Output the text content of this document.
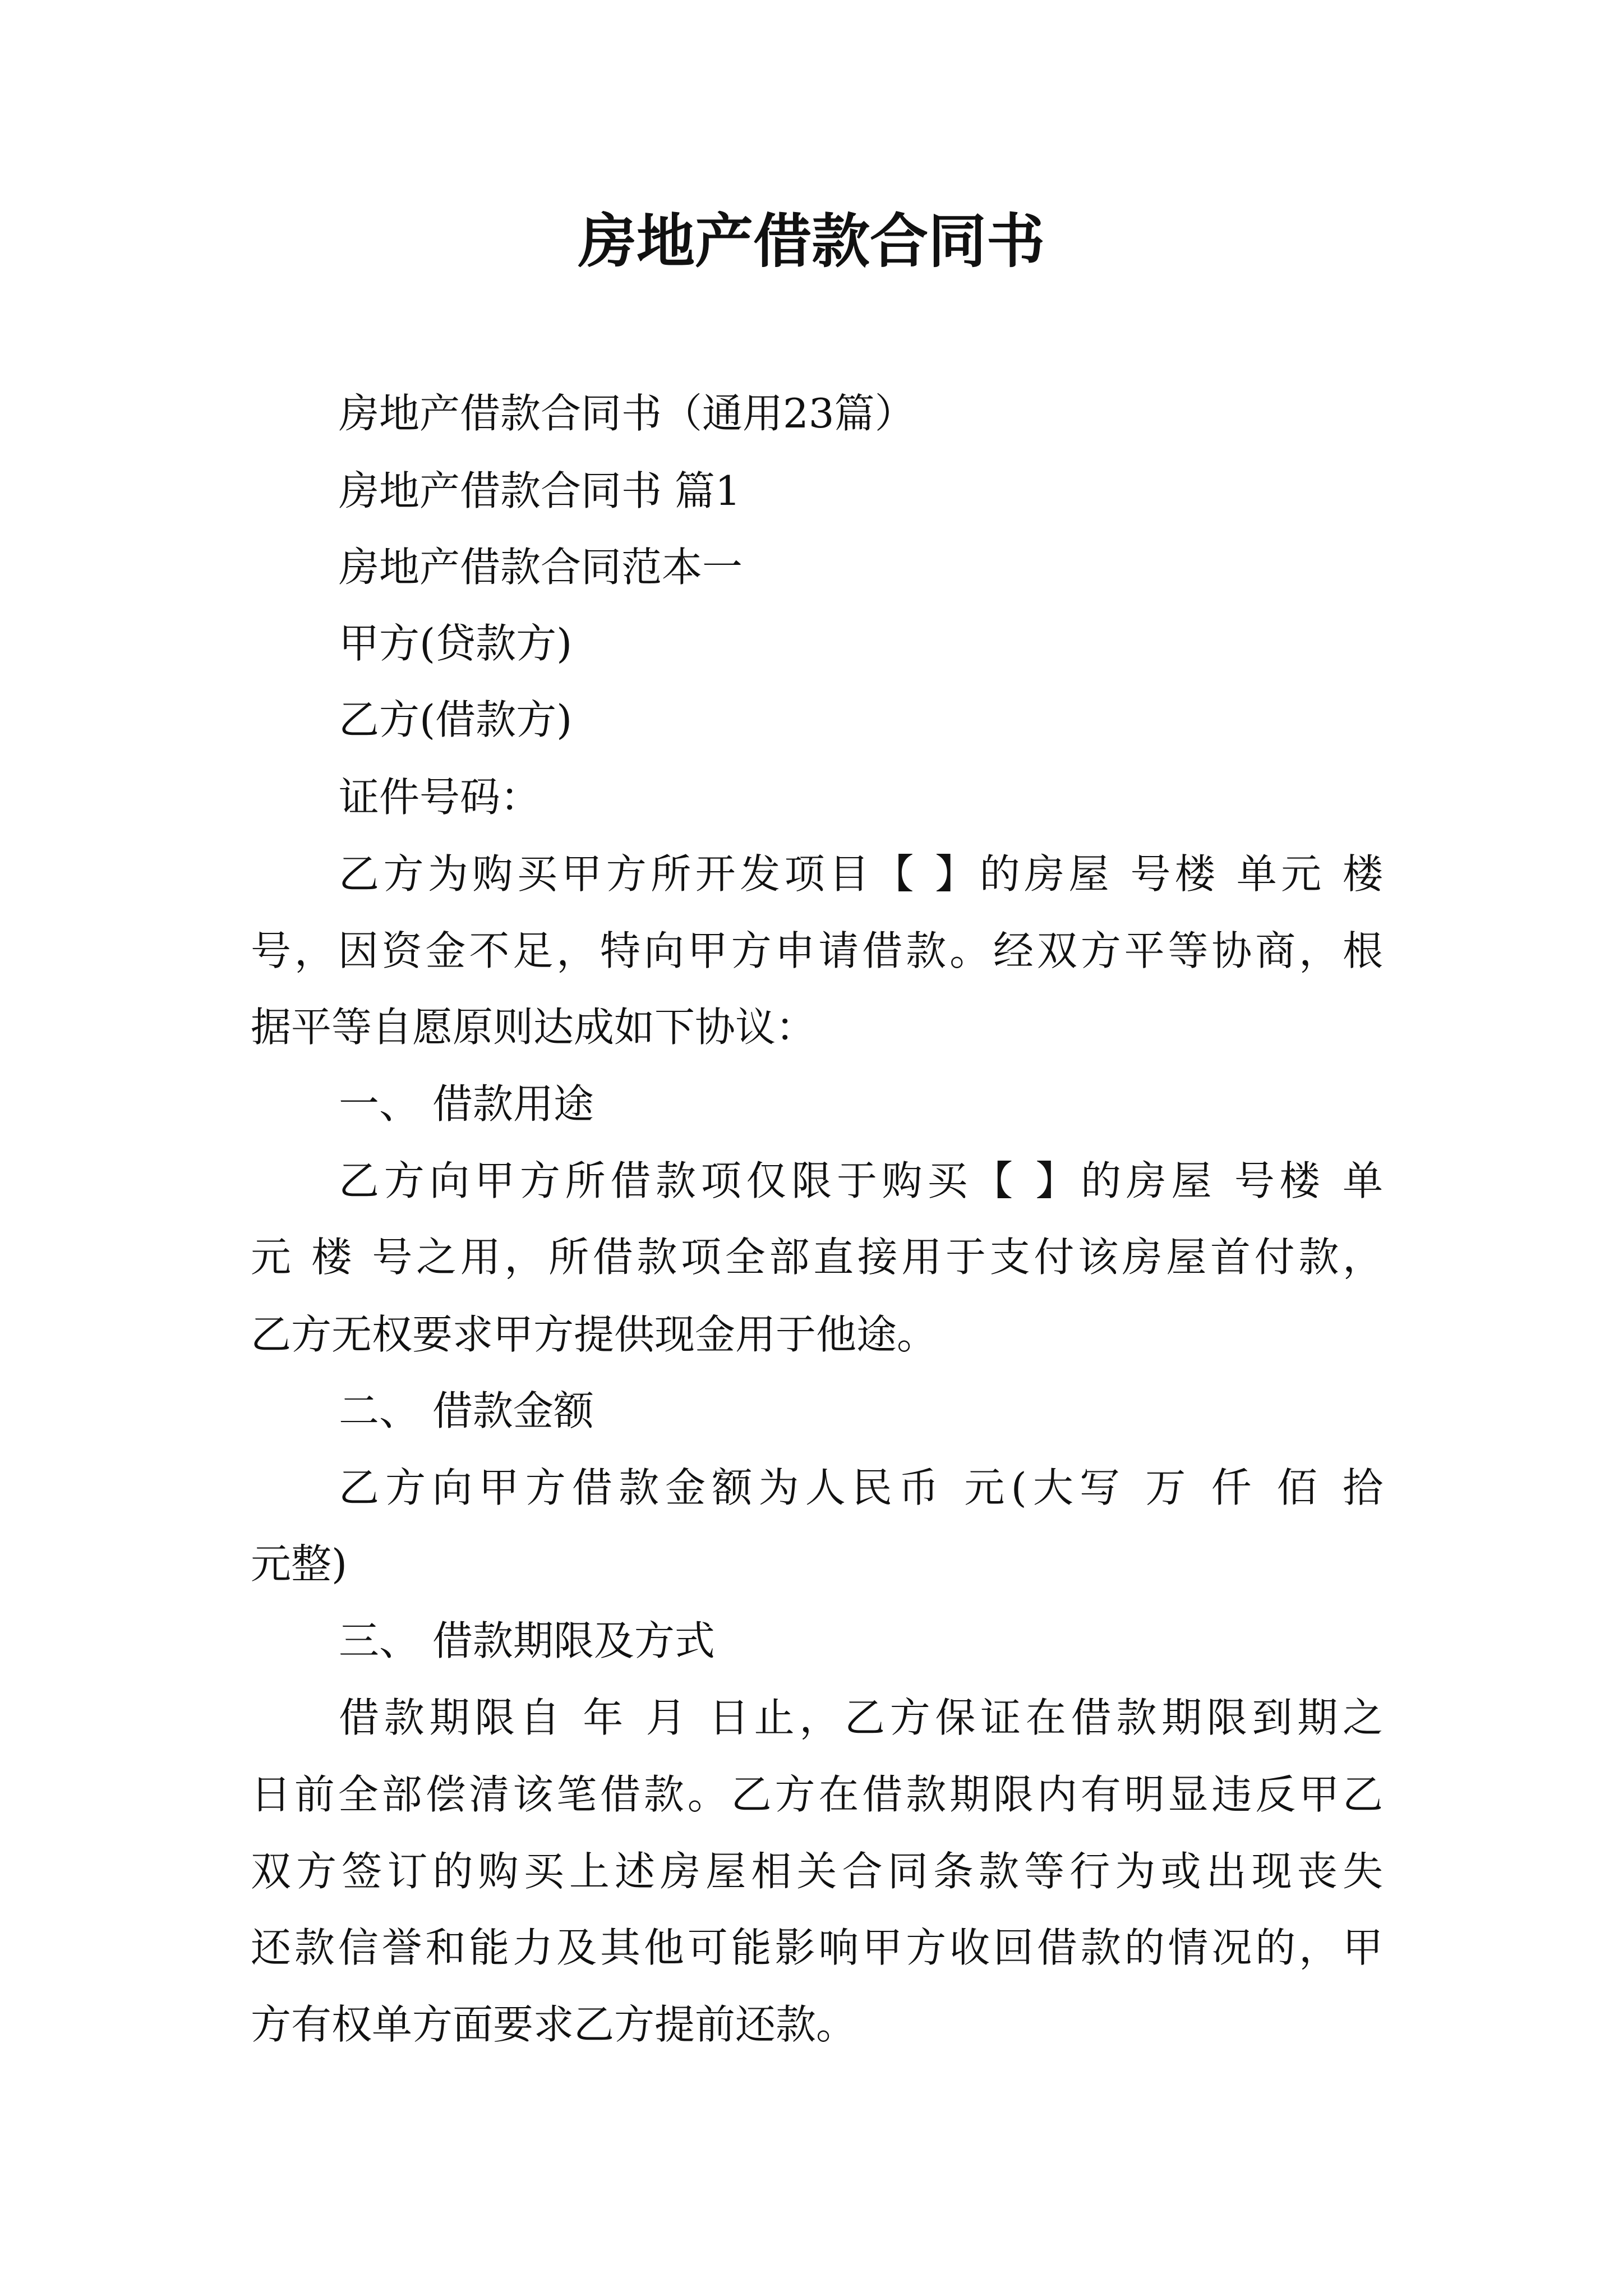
房地产借款合同书
房地产借款合同书（通用23篇）
房地产借款合同书 篇1
房地产借款合同范本一
甲方(贷款方)
乙方(借款方)
证件号码：
乙方为购买甲方所开发项目【 】的房屋 号楼 单元 楼
号，因资金不足，特向甲方申请借款。经双方平等协商，根
据平等自愿原则达成如下协议：
一、 借款用途
乙方向甲方所借款项仅限于购买【 】的房屋 号楼 单
元 楼 号之用，所借款项全部直接用于支付该房屋首付款，
乙方无权要求甲方提供现金用于他途。
二、 借款金额
乙方向甲方借款金额为人民币 元(大写 万 仟 佰 拾
元整)
三、 借款期限及方式
借款期限自 年 月 日止，乙方保证在借款期限到期之
日前全部偿清该笔借款。乙方在借款期限内有明显违反甲乙
双方签订的购买上述房屋相关合同条款等行为或出现丧失
还款信誉和能力及其他可能影响甲方收回借款的情况的，甲
方有权单方面要求乙方提前还款。
